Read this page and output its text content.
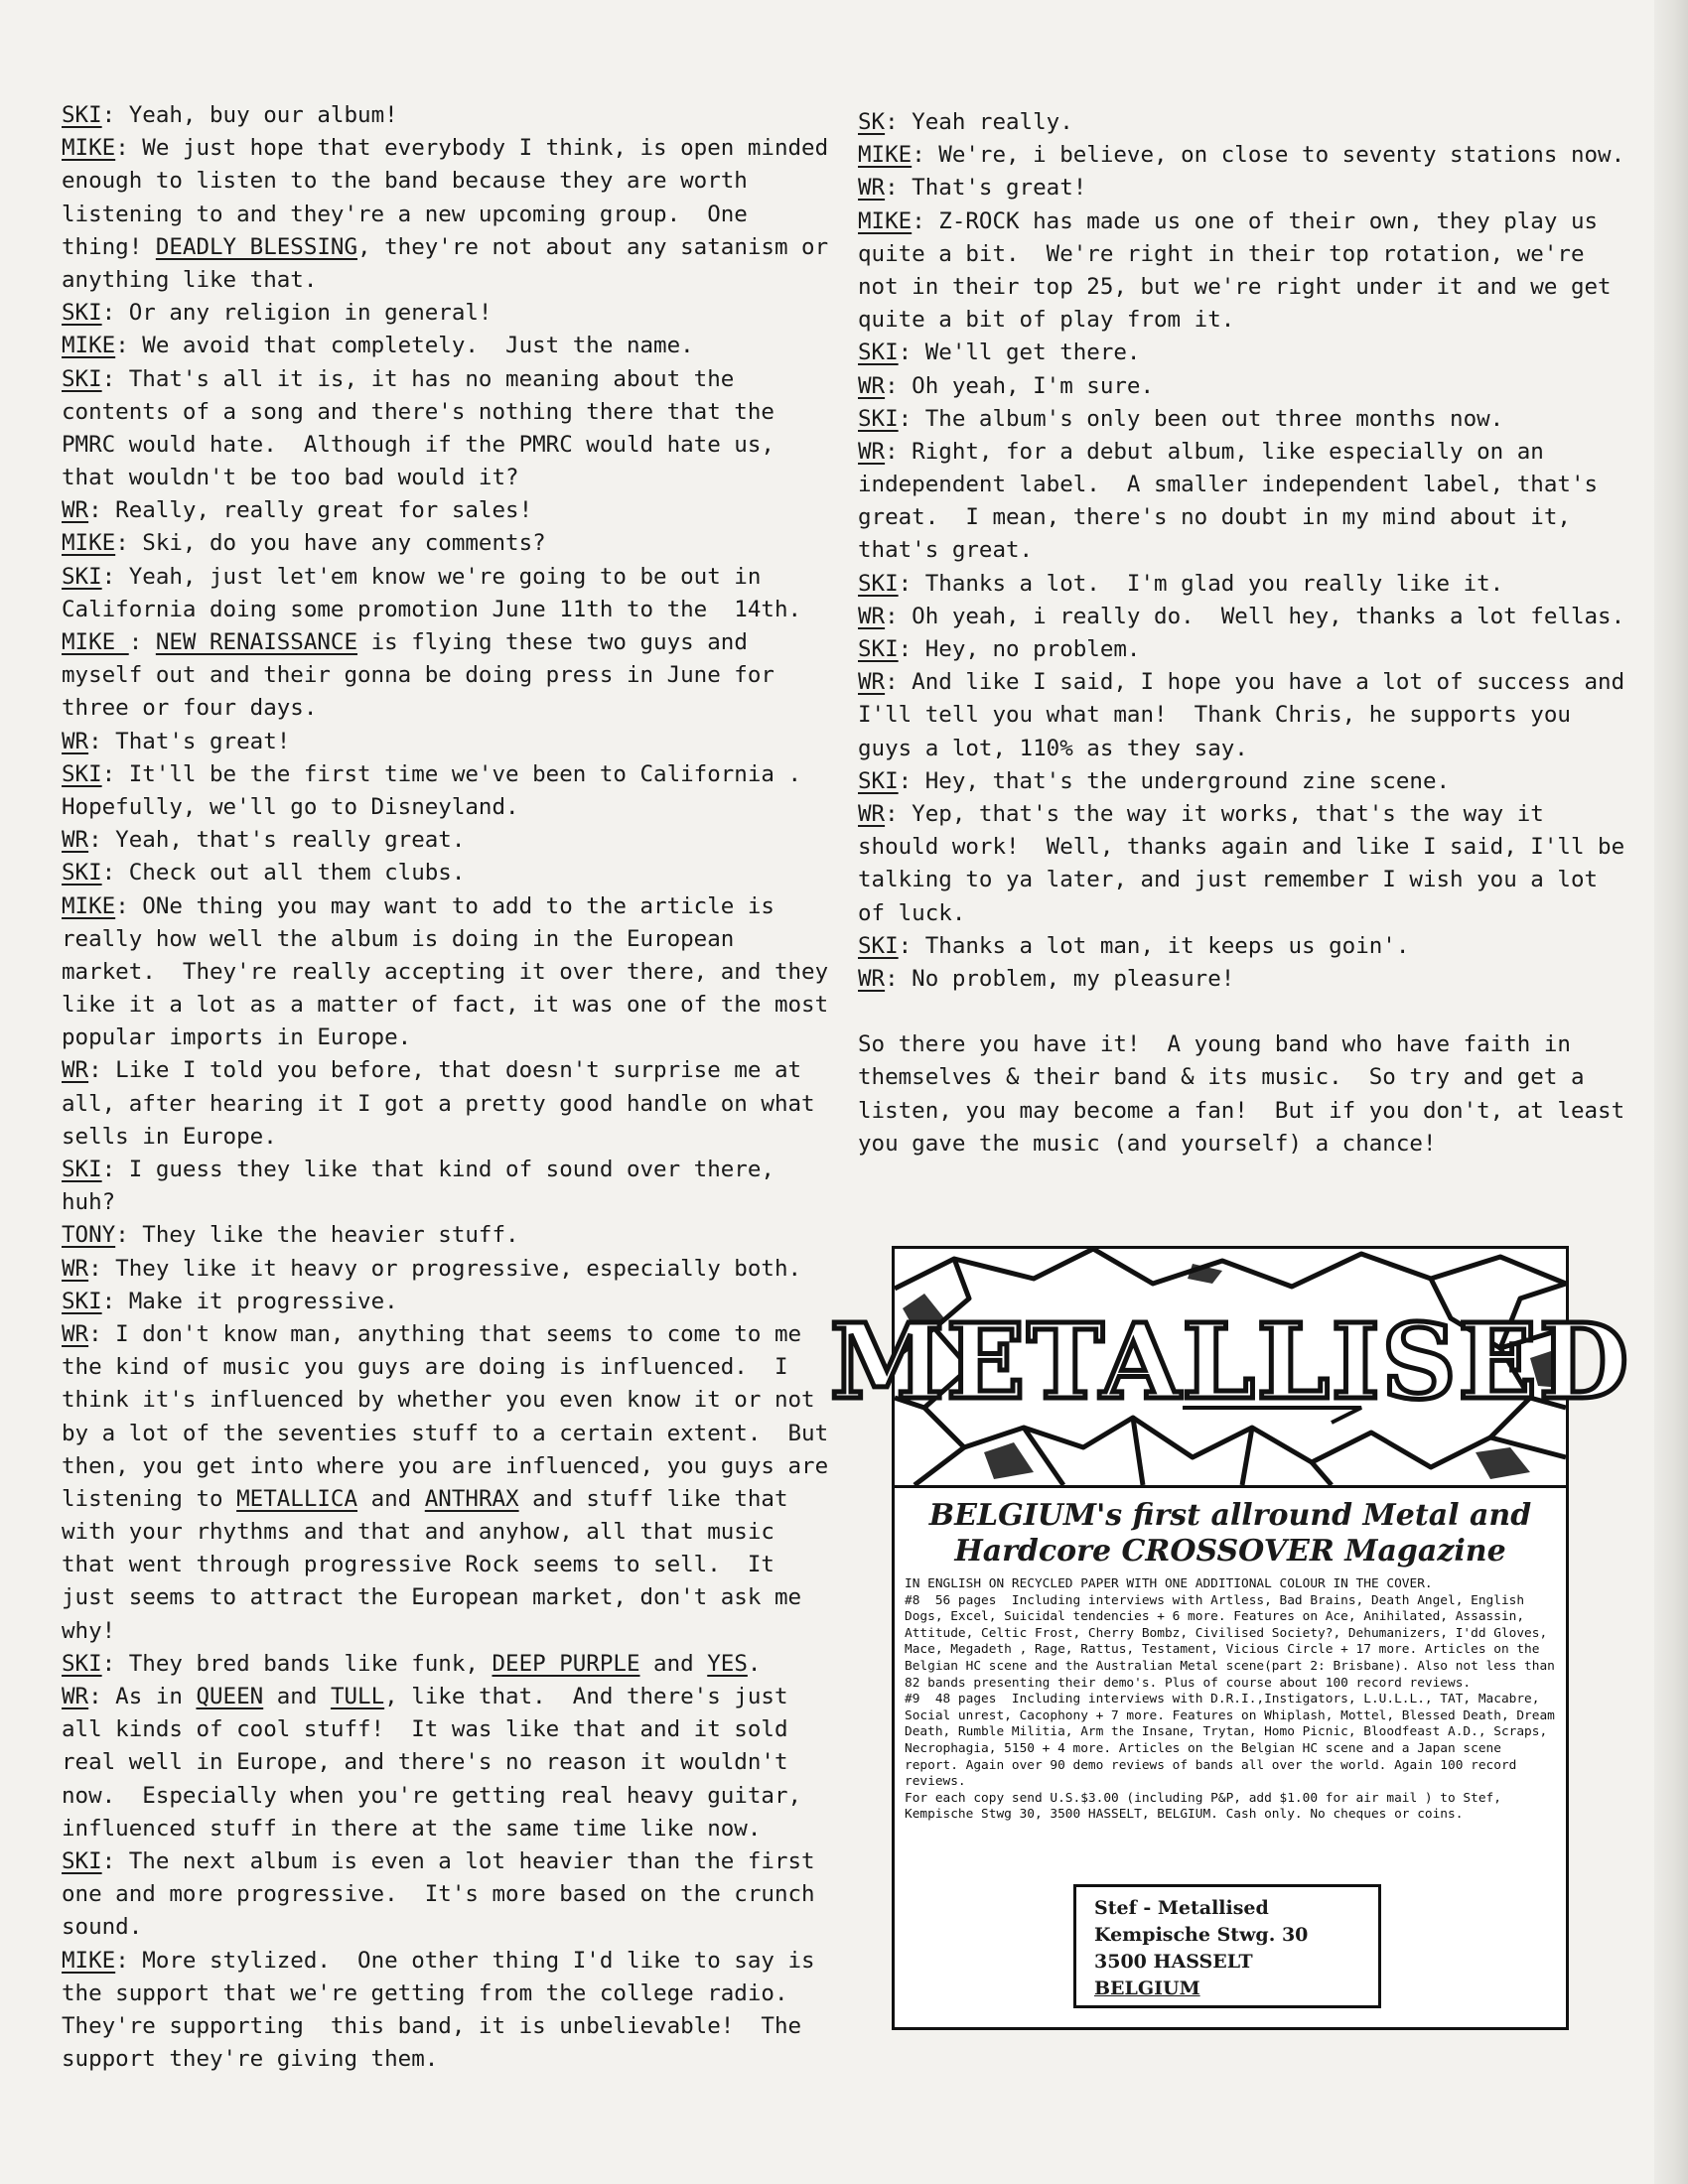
SKI: Yeah, buy our album!
MIKE: We just hope that everybody I think, is open minded
enough to listen to the band because they are worth
listening to and they're a new upcoming group.  One
thing! DEADLY BLESSING, they're not about any satanism or
anything like that.
SKI: Or any religion in general!
MIKE: We avoid that completely.  Just the name.
SKI: That's all it is, it has no meaning about the
contents of a song and there's nothing there that the
PMRC would hate.  Although if the PMRC would hate us,
that wouldn't be too bad would it?
WR: Really, really great for sales!
MIKE: Ski, do you have any comments?
SKI: Yeah, just let'em know we're going to be out in
California doing some promotion June 11th to the  14th.
MIKE : NEW RENAISSANCE is flying these two guys and
myself out and their gonna be doing press in June for
three or four days.
WR: That's great!
SKI: It'll be the first time we've been to California .
Hopefully, we'll go to Disneyland.
WR: Yeah, that's really great.
SKI: Check out all them clubs.
MIKE: ONe thing you may want to add to the article is
really how well the album is doing in the European
market.  They're really accepting it over there, and they
like it a lot as a matter of fact, it was one of the most
popular imports in Europe.
WR: Like I told you before, that doesn't surprise me at
all, after hearing it I got a pretty good handle on what
sells in Europe.
SKI: I guess they like that kind of sound over there,
huh?
TONY: They like the heavier stuff.
WR: They like it heavy or progressive, especially both.
SKI: Make it progressive.
WR: I don't know man, anything that seems to come to me
the kind of music you guys are doing is influenced.  I
think it's influenced by whether you even know it or not
by a lot of the seventies stuff to a certain extent.  But
then, you get into where you are influenced, you guys are
listening to METALLICA and ANTHRAX and stuff like that
with your rhythms and that and anyhow, all that music
that went through progressive Rock seems to sell.  It
just seems to attract the European market, don't ask me
why!
SKI: They bred bands like funk, DEEP PURPLE and YES.
WR: As in QUEEN and TULL, like that.  And there's just
all kinds of cool stuff!  It was like that and it sold
real well in Europe, and there's no reason it wouldn't
now.  Especially when you're getting real heavy guitar,
influenced stuff in there at the same time like now.
SKI: The next album is even a lot heavier than the first
one and more progressive.  It's more based on the crunch
sound.
MIKE: More stylized.  One other thing I'd like to say is
the support that we're getting from the college radio.
They're supporting  this band, it is unbelievable!  The
support they're giving them.
SK: Yeah really.
MIKE: We're, i believe, on close to seventy stations now.
WR: That's great!
MIKE: Z-ROCK has made us one of their own, they play us
quite a bit.  We're right in their top rotation, we're
not in their top 25, but we're right under it and we get
quite a bit of play from it.
SKI: We'll get there.
WR: Oh yeah, I'm sure.
SKI: The album's only been out three months now.
WR: Right, for a debut album, like especially on an
independent label.  A smaller independent label, that's
great.  I mean, there's no doubt in my mind about it,
that's great.
SKI: Thanks a lot.  I'm glad you really like it.
WR: Oh yeah, i really do.  Well hey, thanks a lot fellas.
SKI: Hey, no problem.
WR: And like I said, I hope you have a lot of success and
I'll tell you what man!  Thank Chris, he supports you
guys a lot, 110% as they say.
SKI: Hey, that's the underground zine scene.
WR: Yep, that's the way it works, that's the way it
should work!  Well, thanks again and like I said, I'll be
talking to ya later, and just remember I wish you a lot
of luck.
SKI: Thanks a lot man, it keeps us goin'.
WR: No problem, my pleasure!
So there you have it!  A young band who have faith in
themselves & their band & its music.  So try and get a
listen, you may become a fan!  But if you don't, at least
you gave the music (and yourself) a chance!
METALLISED
BELGIUM's first allround Metal and
Hardcore CROSSOVER Magazine
IN ENGLISH ON RECYCLED PAPER WITH ONE ADDITIONAL COLOUR IN THE COVER.
#8  56 pages  Including interviews with Artless, Bad Brains, Death Angel, English Dogs, Excel, Suicidal tendencies + 6 more. Features on Ace, Anihilated, Assassin, Attitude, Celtic Frost, Cherry Bombz, Civilised Society?, Dehumanizers, I'dd Gloves, Mace, Megadeth , Rage, Rattus, Testament, Vicious Circle + 17 more. Articles on the Belgian HC scene and the Australian Metal scene(part 2: Brisbane). Also not less than 82 bands presenting their demo's. Plus of course about 100 record reviews.
#9  48 pages  Including interviews with D.R.I.,Instigators, L.U.L.L., TAT, Macabre, Social unrest, Cacophony + 7 more. Features on Whiplash, Mottel, Blessed Death, Dream Death, Rumble Militia, Arm the Insane, Trytan, Homo Picnic, Bloodfeast A.D., Scraps, Necrophagia, 5150 + 4 more. Articles on the Belgian HC scene and a Japan scene report. Again over 90 demo reviews of bands all over the world. Again 100 record reviews.
For each copy send U.S.$3.00 (including P&P, add $1.00 for air mail ) to Stef, Kempische Stwg 30, 3500 HASSELT, BELGIUM. Cash only. No cheques or coins.
Stef - Metallised
Kempische Stwg. 30
3500 HASSELT
BELGIUM
